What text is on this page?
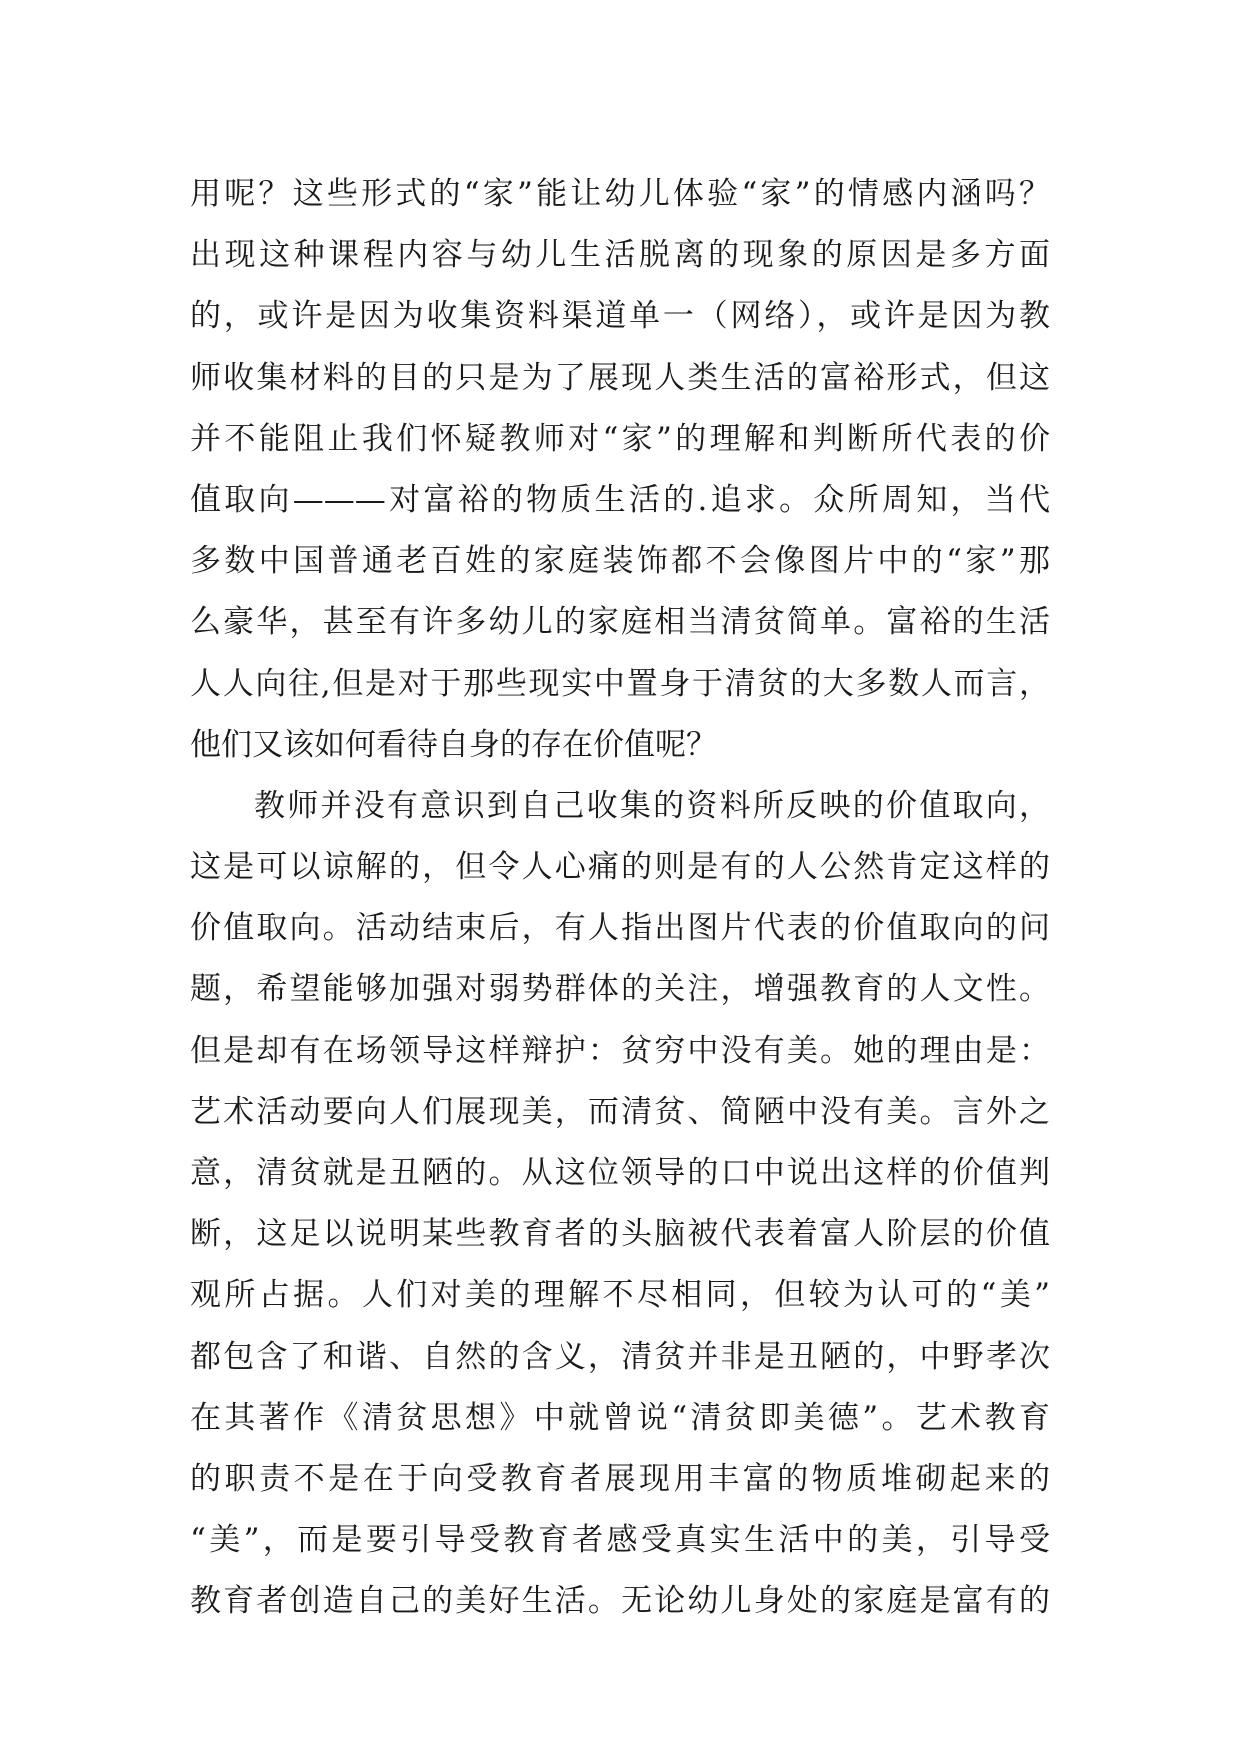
用呢？这些形式的“家”能让幼儿体验“家”的情感内涵吗？
出现这种课程内容与幼儿生活脱离的现象的原因是多方面
的，或许是因为收集资料渠道单一（网络），或许是因为教
师收集材料的目的只是为了展现人类生活的富裕形式，但这
并不能阻止我们怀疑教师对“家”的理解和判断所代表的价
值取向———对富裕的物质生活的.追求。众所周知，当代
多数中国普通老百姓的家庭装饰都不会像图片中的“家”那
么豪华，甚至有许多幼儿的家庭相当清贫简单。富裕的生活
人人向往,但是对于那些现实中置身于清贫的大多数人而言，
他们又该如何看待自身的存在价值呢？
教师并没有意识到自己收集的资料所反映的价值取向，
这是可以谅解的，但令人心痛的则是有的人公然肯定这样的
价值取向。活动结束后，有人指出图片代表的价值取向的问
题，希望能够加强对弱势群体的关注，增强教育的人文性。
但是却有在场领导这样辩护：贫穷中没有美。她的理由是：
艺术活动要向人们展现美，而清贫、简陋中没有美。言外之
意，清贫就是丑陋的。从这位领导的口中说出这样的价值判
断，这足以说明某些教育者的头脑被代表着富人阶层的价值
观所占据。人们对美的理解不尽相同，但较为认可的“美”
都包含了和谐、自然的含义，清贫并非是丑陋的，中野孝次
在其著作《清贫思想》中就曾说“清贫即美德”。艺术教育
的职责不是在于向受教育者展现用丰富的物质堆砌起来的
“美”，而是要引导受教育者感受真实生活中的美，引导受
教育者创造自己的美好生活。无论幼儿身处的家庭是富有的
